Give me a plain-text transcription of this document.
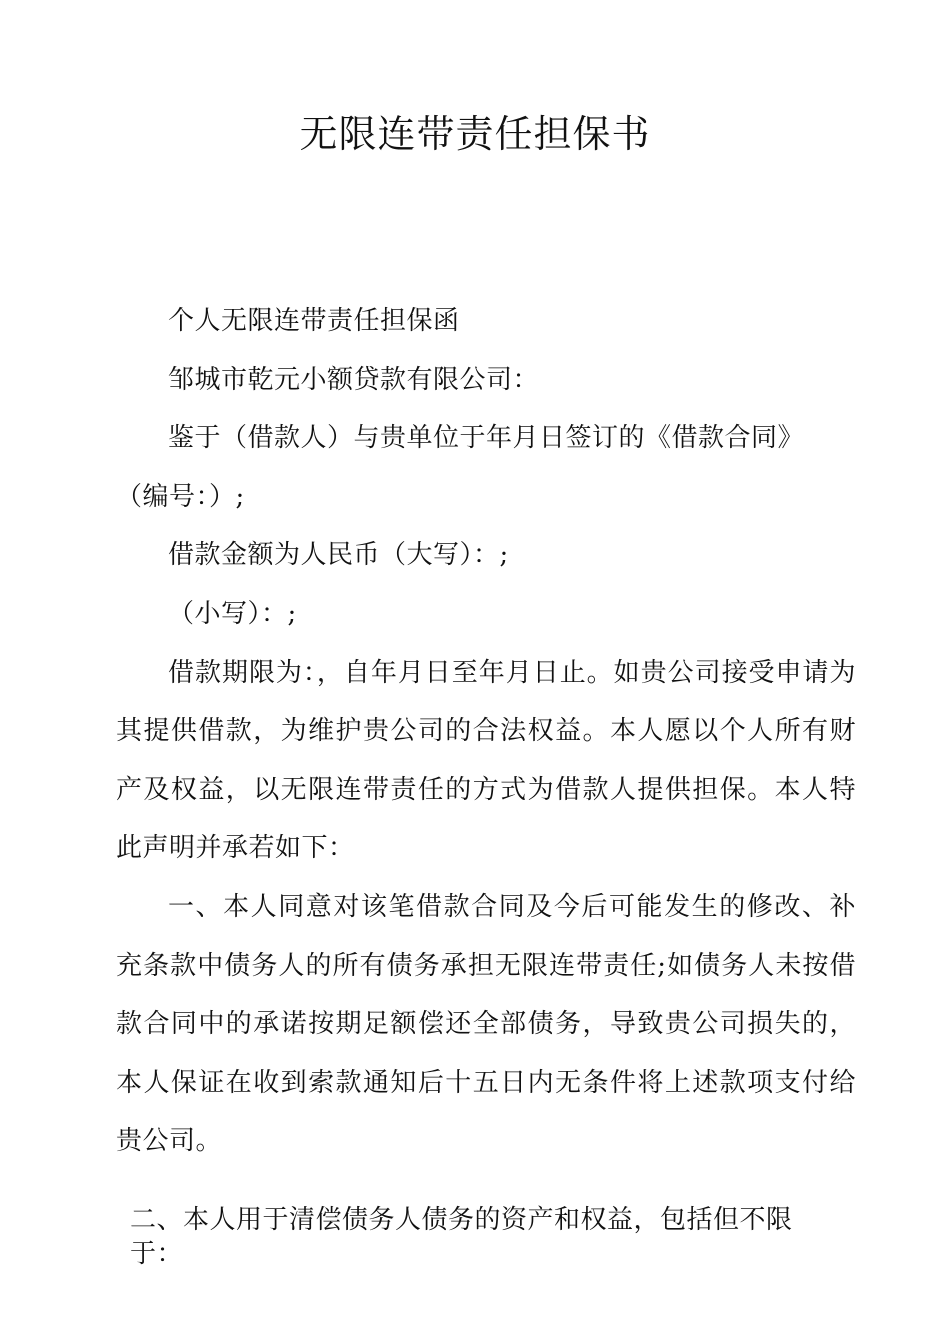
无限连带责任担保书

个人无限连带责任担保函

邹城市乾元小额贷款有限公司：

鉴于（借款人）与贵单位于年月日签订的《借款合同》

（编号：）;

借款金额为人民币（大写）：;

（小写）：;

借款期限为：，自年月日至年月日止。如贵公司接受申请为其提供借款，为维护贵公司的合法权益。本人愿以个人所有财产及权益，以无限连带责任的方式为借款人提供担保。本人特此声明并承若如下：

一、本人同意对该笔借款合同及今后可能发生的修改、补充条款中债务人的所有债务承担无限连带责任;如债务人未按借款合同中的承诺按期足额偿还全部债务，导致贵公司损失的，本人保证在收到索款通知后十五日内无条件将上述款项支付给贵公司。

二、本人用于清偿债务人债务的资产和权益，包括但不限于：
